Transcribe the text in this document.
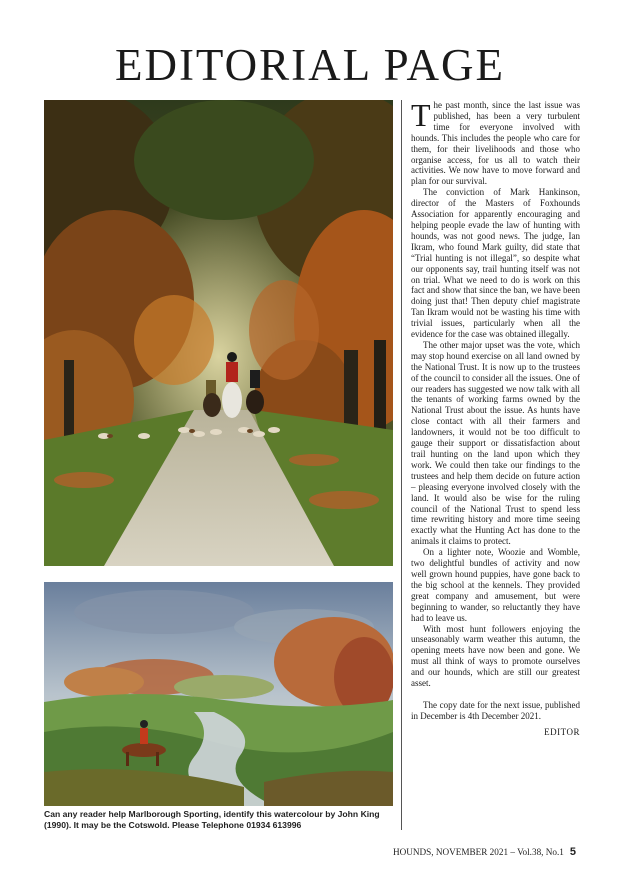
EDITORIAL PAGE
Can any reader help Marlborough Sporting, identify this watercolour by John King (1990). It may be the Cotswold. Please Telephone 01934 613996

The past month, since the last issue was published, has been a very turbulent time for everyone involved with hounds. This includes the people who care for them, for their livelihoods and those who organise access, for us all to watch their activities. We now have to move forward and plan for our survival.

The conviction of Mark Hankinson, director of the Masters of Foxhounds Association for apparently encouraging and helping people evade the law of hunting with hounds, was not good news. The judge, Ian Ikram, who found Mark guilty, did state that “Trial hunting is not illegal”, so despite what our opponents say, trail hunting itself was not on trial. What we need to do is work on this fact and show that since the ban, we have been doing just that! Then deputy chief magistrate Tan Ikram would not be wasting his time with trivial issues, particularly when all the evidence for the case was obtained illegally.

The other major upset was the vote, which may stop hound exercise on all land owned by the National Trust. It is now up to the trustees of the council to consider all the issues. One of our readers has suggested we now talk with all the tenants of working farms owned by the National Trust about the issue. As hunts have close contact with all their farmers and landowners, it would not be too difficult to gauge their support or dissatisfaction about trail hunting on the land upon which they work. We could then take our findings to the trustees and help them decide on future action – pleasing everyone involved closely with the land. It would also be wise for the ruling council of the National Trust to spend less time rewriting history and more time seeing exactly what the Hunting Act has done to the animals it claims to protect.

On a lighter note, Woozie and Womble, two delightful bundles of activity and now well grown hound puppies, have gone back to the big school at the kennels. They provided great company and amusement, but were beginning to wander, so reluctantly they have had to leave us.

With most hunt followers enjoying the unseasonably warm weather this autumn, the opening meets have now been and gone. We must all think of ways to promote ourselves and our hounds, which are still our greatest asset.

The copy date for the next issue, published in December is 4th December 2021.

EDITOR
HOUNDS, NOVEMBER 2021 – Vol.38, No.1 5
